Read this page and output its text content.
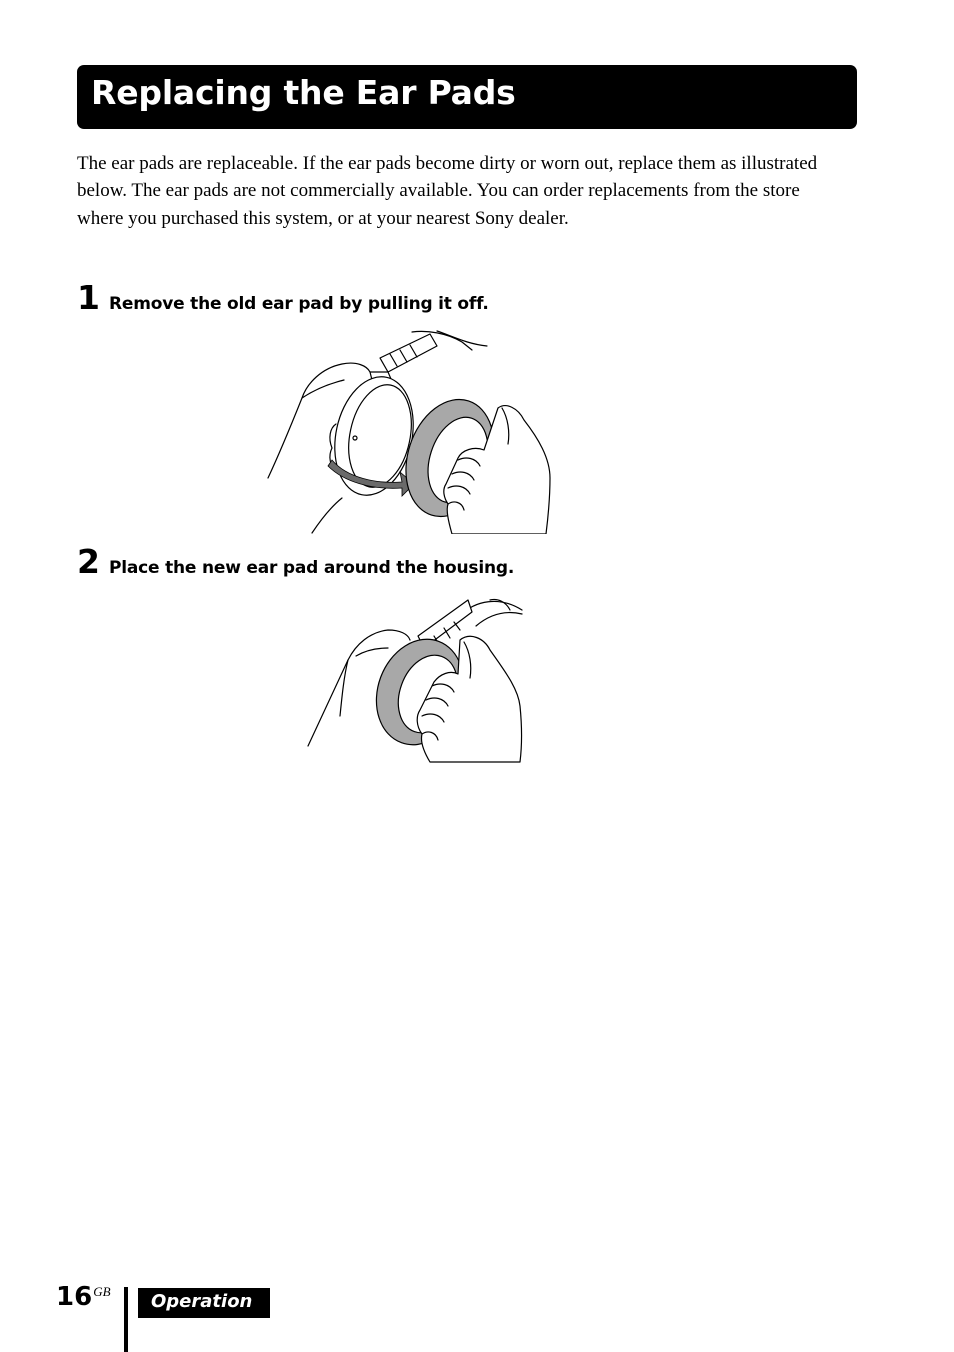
Replacing the Ear Pads

The ear pads are replaceable. If the ear pads become dirty or worn out, replace them as illustrated below. The ear pads are not commercially available. You can order replacements from the store where you purchased this system, or at your nearest Sony dealer.

1 Remove the old ear pad by pulling it off.
2 Place the new ear pad around the housing.
16$^{GB}$ Operation
